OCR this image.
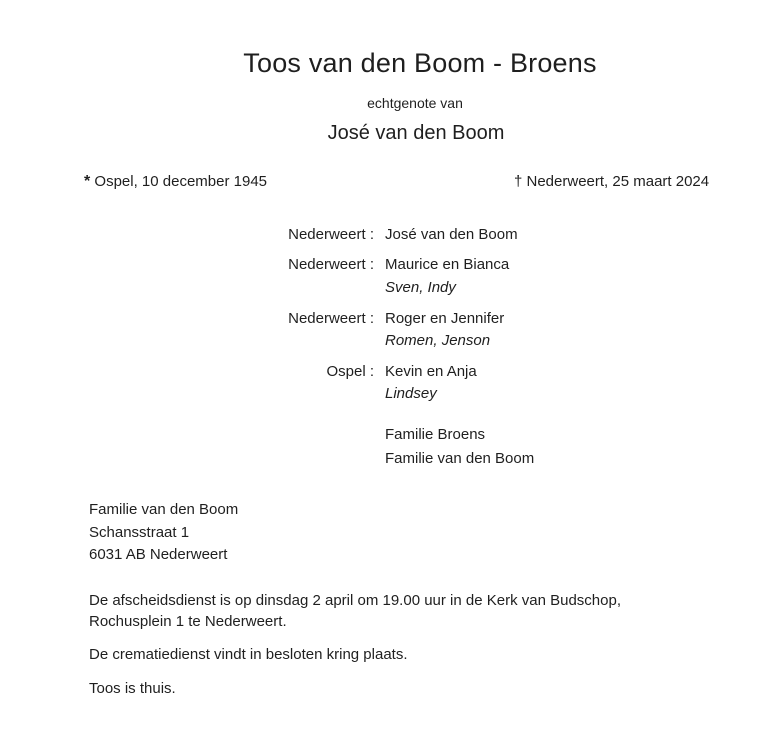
Toos van den Boom - Broens
echtgenote van
José van den Boom
* Ospel, 10 december 1945	† Nederweert, 25 maart 2024
Nederweert : José van den Boom
Nederweert : Maurice en Bianca
Sven, Indy
Nederweert : Roger en Jennifer
Romen, Jenson
Ospel : Kevin en Anja
Lindsey
Familie Broens
Familie van den Boom
Familie van den Boom
Schansstraat 1
6031 AB Nederweert
De afscheidsdienst is op dinsdag 2 april om 19.00 uur in de Kerk van Budschop,
Rochusplein 1 te Nederweert.
De crematiedienst vindt in besloten kring plaats.
Toos is thuis.
